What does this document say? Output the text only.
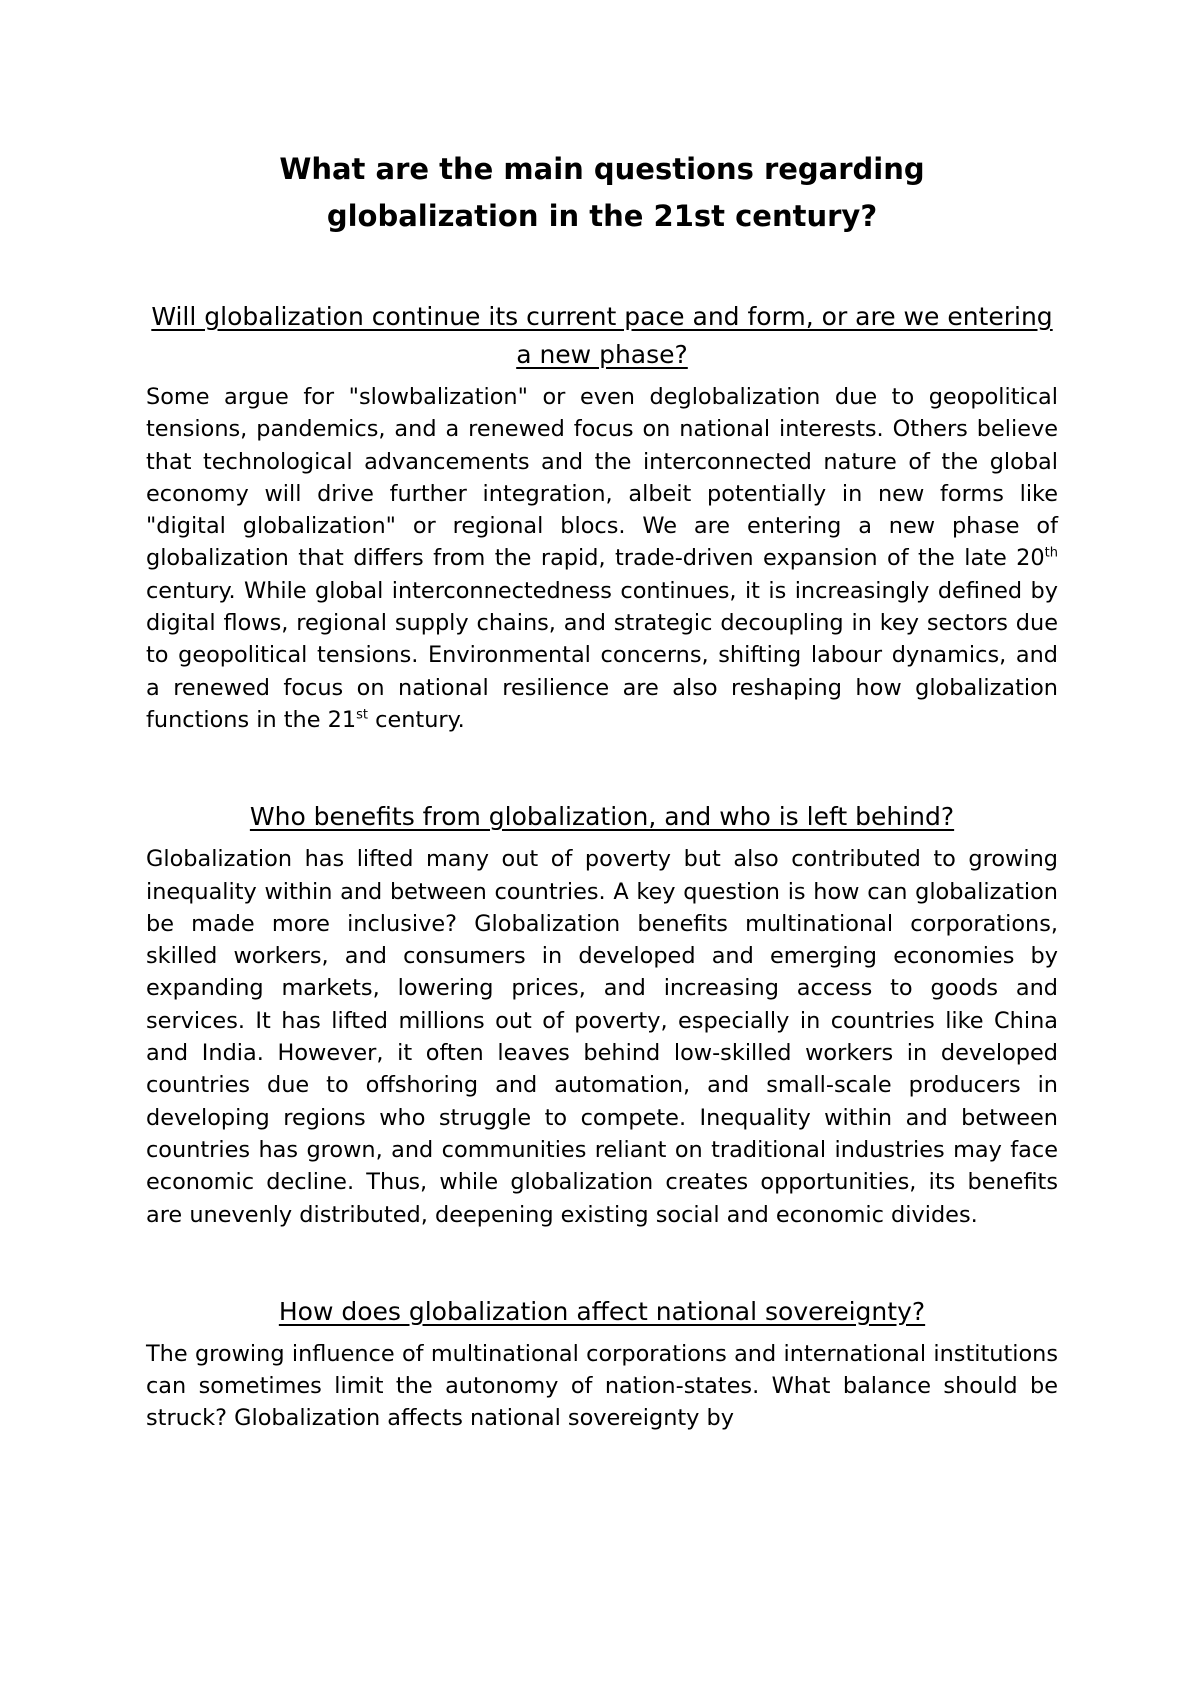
What are the main questions regarding
globalization in the 21st century?
Will globalization continue its current pace and form, or are we entering a new phase?

Some argue for "slowbalization" or even deglobalization due to geopolitical tensions, pandemics, and a renewed focus on national interests. Others believe that technological advancements and the interconnected nature of the global economy will drive further integration, albeit potentially in new forms like "digital globalization" or regional blocs. We are entering a new phase of globalization that differs from the rapid, trade-driven expansion of the late 20th century. While global interconnectedness continues, it is increasingly defined by digital flows, regional supply chains, and strategic decoupling in key sectors due to geopolitical tensions. Environmental concerns, shifting labour dynamics, and a renewed focus on national resilience are also reshaping how globalization functions in the 21st century.

Who benefits from globalization, and who is left behind?

Globalization has lifted many out of poverty but also contributed to growing inequality within and between countries. A key question is how can globalization be made more inclusive? Globalization benefits multinational corporations, skilled workers, and consumers in developed and emerging economies by expanding markets, lowering prices, and increasing access to goods and services. It has lifted millions out of poverty, especially in countries like China and India. However, it often leaves behind low-skilled workers in developed countries due to offshoring and automation, and small-scale producers in developing regions who struggle to compete. Inequality within and between countries has grown, and communities reliant on traditional industries may face economic decline. Thus, while globalization creates opportunities, its benefits are unevenly distributed, deepening existing social and economic divides.

How does globalization affect national sovereignty?

The growing influence of multinational corporations and international institutions can sometimes limit the autonomy of nation-states. What balance should be struck? Globalization affects national sovereignty by
